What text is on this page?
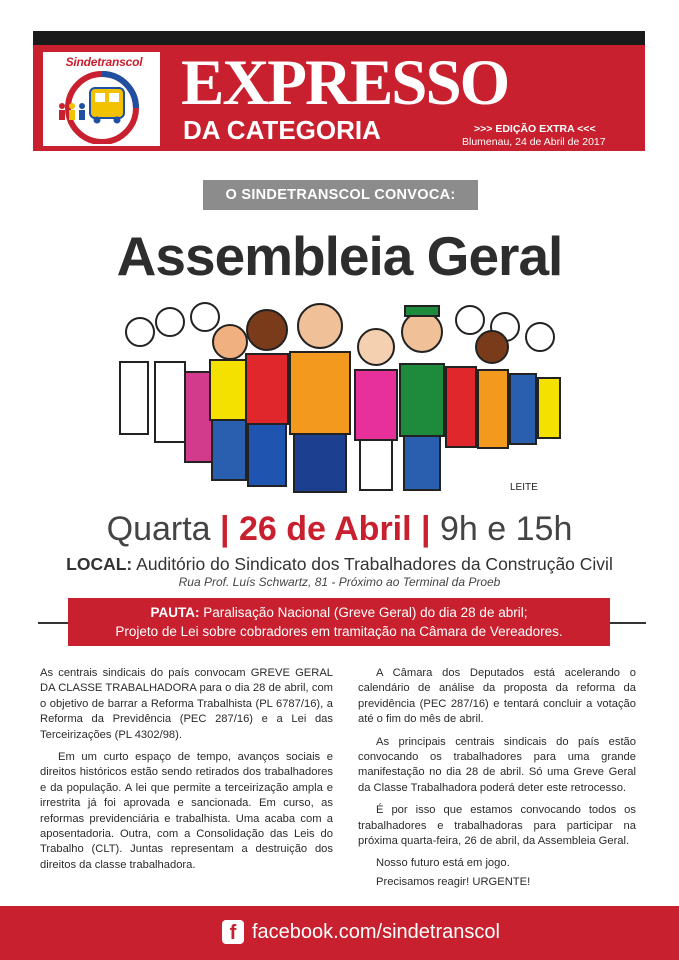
Sindetranscol EXPRESSO
DA CATEGORIA	>>> EDIÇÃO EXTRA <<<
Blumenau, 24 de Abril de 2017
O SINDETRANSCOL CONVOCA:
Assembleia Geral
LEITE
Quarta | 26 de Abril | 9h e 15h
LOCAL: Auditório do Sindicato dos Trabalhadores da Construção Civil
Rua Prof. Luís Schwartz, 81 - Próximo ao Terminal da Proeb
PAUTA: Paralisação Nacional (Greve Geral) do dia 28 de abril;
Projeto de Lei sobre cobradores em tramitação na Câmara de Vereadores.

As centrais sindicais do país convocam GREVE GERAL DA CLASSE TRABALHADORA para o dia 28 de abril, com o objetivo de barrar a Reforma Trabalhista (PL 6787/16), a Reforma da Previdência (PEC 287/16) e a Lei das Terceirizações (PL 4302/98).

Em um curto espaço de tempo, avanços sociais e direitos históricos estão sendo retirados dos trabalhadores e da população. A lei que permite a terceirização ampla e irrestrita já foi aprovada e sancionada. Em curso, as reformas previdenciária e trabalhista. Uma acaba com a aposentadoria. Outra, com a Consolidação das Leis do Trabalho (CLT). Juntas representam a destruição dos direitos da classe trabalhadora.

A Câmara dos Deputados está acelerando o calendário de análise da proposta da reforma da previdência (PEC 287/16) e tentará concluir a votação até o fim do mês de abril.

As principais centrais sindicais do país estão convocando os trabalhadores para uma grande manifestação no dia 28 de abril. Só uma Greve Geral da Classe Trabalhadora poderá deter este retrocesso.

É por isso que estamos convocando todos os trabalhadores e trabalhadoras para participar na próxima quarta-feira, 26 de abril, da Assembleia Geral.

Nosso futuro está em jogo.

Precisamos reagir! URGENTE!

f facebook.com/sindetranscol
